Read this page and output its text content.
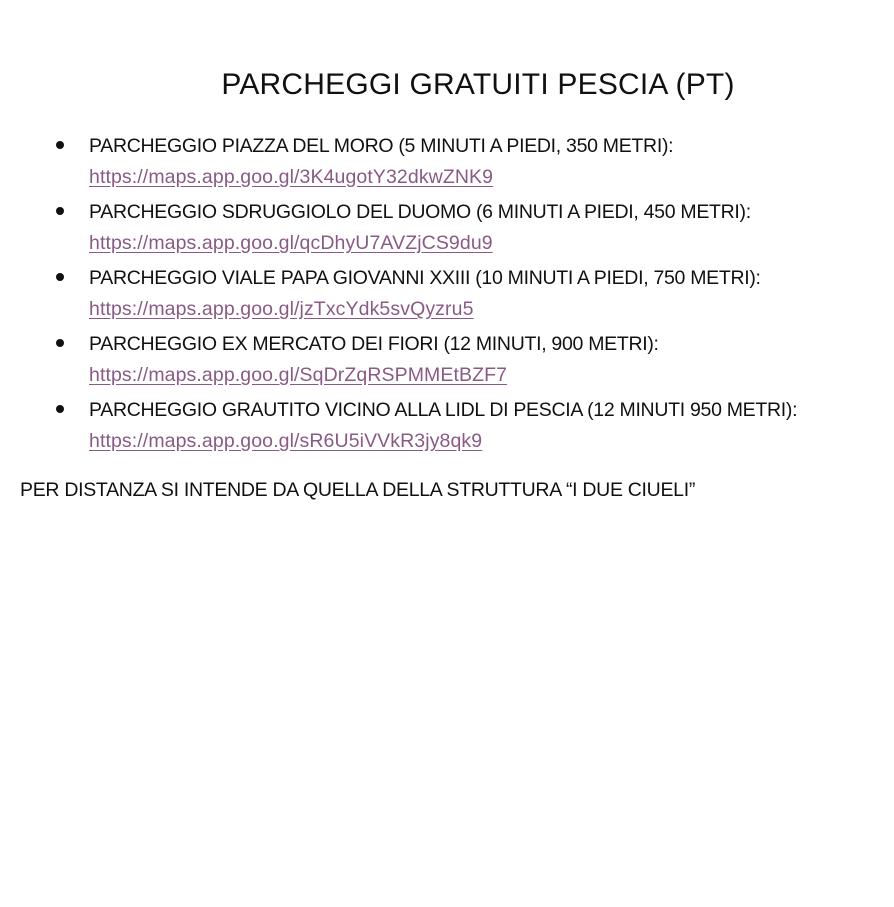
PARCHEGGI GRATUITI PESCIA (PT)
PARCHEGGIO PIAZZA DEL MORO (5 MINUTI A PIEDI, 350 METRI):
https://maps.app.goo.gl/3K4ugotY32dkwZNK9
PARCHEGGIO SDRUGGIOLO DEL DUOMO (6 MINUTI A PIEDI, 450 METRI):
https://maps.app.goo.gl/qcDhyU7AVZjCS9du9
PARCHEGGIO VIALE PAPA GIOVANNI XXIII (10 MINUTI A PIEDI, 750 METRI):
https://maps.app.goo.gl/jzTxcYdk5svQyzru5
PARCHEGGIO EX MERCATO DEI FIORI (12 MINUTI, 900 METRI):
https://maps.app.goo.gl/SqDrZqRSPMMEtBZF7
PARCHEGGIO GRAUTITO VICINO ALLA LIDL DI PESCIA (12 MINUTI 950 METRI):
https://maps.app.goo.gl/sR6U5iVVkR3jy8qk9
PER DISTANZA SI INTENDE DA QUELLA DELLA STRUTTURA “I DUE CIUELI”
